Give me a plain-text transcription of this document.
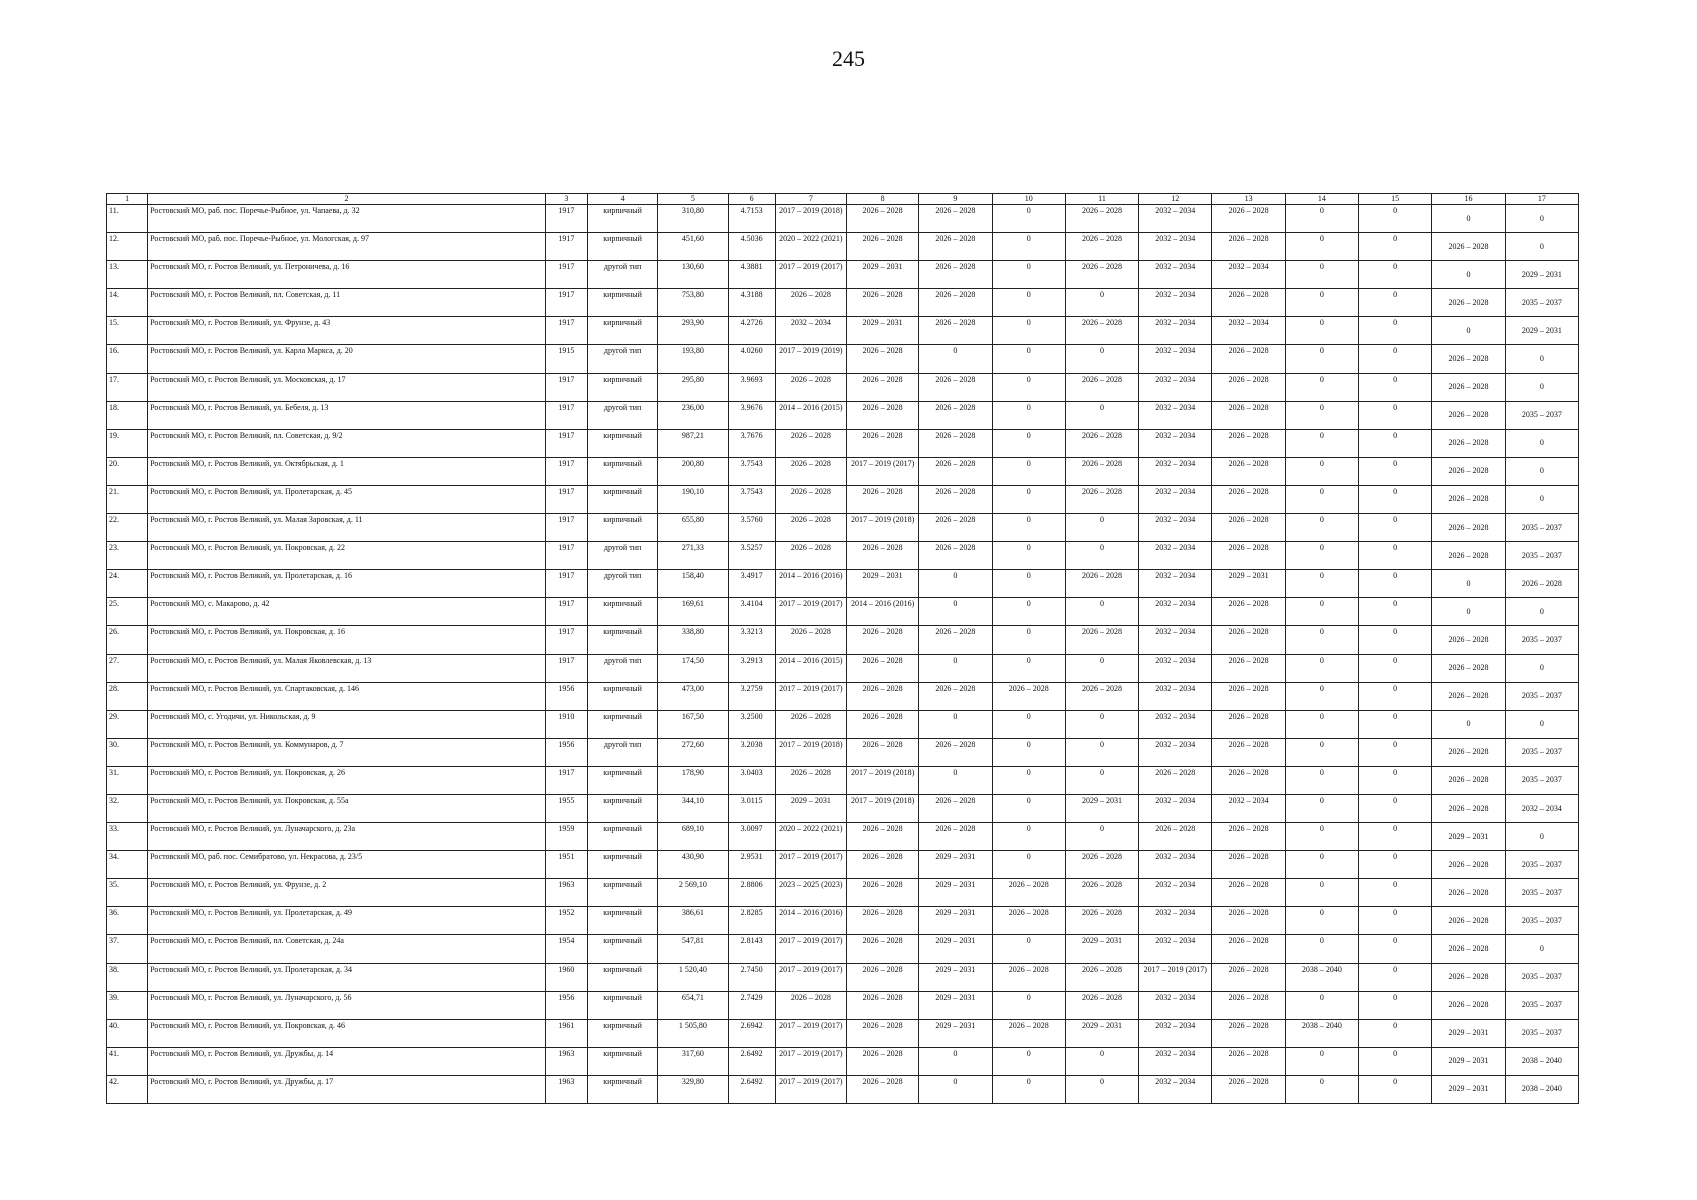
245
1	2	3	4	5	6	7	8	9	10	11	12	13	14	15	16	17
11.	Ростовский МО, раб. пос. Поречье-Рыбное, ул. Чапаева, д. 32	1917	кирпичный	310,80	4.7153	2017 – 2019 (2018)	2026 – 2028	2026 – 2028	0	2026 – 2028	2032 – 2034	2026 – 2028	0	0	0	0
12.	Ростовский МО, раб. пос. Поречье-Рыбное, ул. Мологская, д. 97	1917	кирпичный	451,60	4.5036	2020 – 2022 (2021)	2026 – 2028	2026 – 2028	0	2026 – 2028	2032 – 2034	2026 – 2028	0	0	2026 – 2028	0
13.	Ростовский МО, г. Ростов Великий, ул. Петроничева, д. 16	1917	другой тип	130,60	4.3881	2017 – 2019 (2017)	2029 – 2031	2026 – 2028	0	2026 – 2028	2032 – 2034	2032 – 2034	0	0	0	2029 – 2031
14.	Ростовский МО, г. Ростов Великий, пл. Советская, д. 11	1917	кирпичный	753,80	4.3188	2026 – 2028	2026 – 2028	2026 – 2028	0	0	2032 – 2034	2026 – 2028	0	0	2026 – 2028	2035 – 2037
15.	Ростовский МО, г. Ростов Великий, ул. Фрунзе, д. 43	1917	кирпичный	293,90	4.2726	2032 – 2034	2029 – 2031	2026 – 2028	0	2026 – 2028	2032 – 2034	2032 – 2034	0	0	0	2029 – 2031
16.	Ростовский МО, г. Ростов Великий, ул. Карла Маркса, д. 20	1915	другой тип	193,80	4.0260	2017 – 2019 (2019)	2026 – 2028	0	0	0	2032 – 2034	2026 – 2028	0	0	2026 – 2028	0
17.	Ростовский МО, г. Ростов Великий, ул. Московская, д. 17	1917	кирпичный	295,80	3.9693	2026 – 2028	2026 – 2028	2026 – 2028	0	2026 – 2028	2032 – 2034	2026 – 2028	0	0	2026 – 2028	0
18.	Ростовский МО, г. Ростов Великий, ул. Бебеля, д. 13	1917	другой тип	236,00	3.9676	2014 – 2016 (2015)	2026 – 2028	2026 – 2028	0	0	2032 – 2034	2026 – 2028	0	0	2026 – 2028	2035 – 2037
19.	Ростовский МО, г. Ростов Великий, пл. Советская, д. 9/2	1917	кирпичный	987,21	3.7676	2026 – 2028	2026 – 2028	2026 – 2028	0	2026 – 2028	2032 – 2034	2026 – 2028	0	0	2026 – 2028	0
20.	Ростовский МО, г. Ростов Великий, ул. Октябрьская, д. 1	1917	кирпичный	200,80	3.7543	2026 – 2028	2017 – 2019 (2017)	2026 – 2028	0	2026 – 2028	2032 – 2034	2026 – 2028	0	0	2026 – 2028	0
21.	Ростовский МО, г. Ростов Великий, ул. Пролетарская, д. 45	1917	кирпичный	190,10	3.7543	2026 – 2028	2026 – 2028	2026 – 2028	0	2026 – 2028	2032 – 2034	2026 – 2028	0	0	2026 – 2028	0
22.	Ростовский МО, г. Ростов Великий, ул. Малая Заровская, д. 11	1917	кирпичный	655,80	3.5760	2026 – 2028	2017 – 2019 (2018)	2026 – 2028	0	0	2032 – 2034	2026 – 2028	0	0	2026 – 2028	2035 – 2037
23.	Ростовский МО, г. Ростов Великий, ул. Покровская, д. 22	1917	другой тип	271,33	3.5257	2026 – 2028	2026 – 2028	2026 – 2028	0	0	2032 – 2034	2026 – 2028	0	0	2026 – 2028	2035 – 2037
24.	Ростовский МО, г. Ростов Великий, ул. Пролетарская, д. 16	1917	другой тип	158,40	3.4917	2014 – 2016 (2016)	2029 – 2031	0	0	2026 – 2028	2032 – 2034	2029 – 2031	0	0	0	2026 – 2028
25.	Ростовский МО, с. Макарово, д. 42	1917	кирпичный	169,61	3.4104	2017 – 2019 (2017)	2014 – 2016 (2016)	0	0	0	2032 – 2034	2026 – 2028	0	0	0	0
26.	Ростовский МО, г. Ростов Великий, ул. Покровская, д. 16	1917	кирпичный	338,80	3.3213	2026 – 2028	2026 – 2028	2026 – 2028	0	2026 – 2028	2032 – 2034	2026 – 2028	0	0	2026 – 2028	2035 – 2037
27.	Ростовский МО, г. Ростов Великий, ул. Малая Яковлевская, д. 13	1917	другой тип	174,50	3.2913	2014 – 2016 (2015)	2026 – 2028	0	0	0	2032 – 2034	2026 – 2028	0	0	2026 – 2028	0
28.	Ростовский МО, г. Ростов Великий, ул. Спартаковская, д. 146	1956	кирпичный	473,00	3.2759	2017 – 2019 (2017)	2026 – 2028	2026 – 2028	2026 – 2028	2026 – 2028	2032 – 2034	2026 – 2028	0	0	2026 – 2028	2035 – 2037
29.	Ростовский МО, с. Угодичи, ул. Никольская, д. 9	1910	кирпичный	167,50	3.2500	2026 – 2028	2026 – 2028	0	0	0	2032 – 2034	2026 – 2028	0	0	0	0
30.	Ростовский МО, г. Ростов Великий, ул. Коммунаров, д. 7	1956	другой тип	272,60	3.2038	2017 – 2019 (2018)	2026 – 2028	2026 – 2028	0	0	2032 – 2034	2026 – 2028	0	0	2026 – 2028	2035 – 2037
31.	Ростовский МО, г. Ростов Великий, ул. Покровская, д. 26	1917	кирпичный	178,90	3.0403	2026 – 2028	2017 – 2019 (2018)	0	0	0	2026 – 2028	2026 – 2028	0	0	2026 – 2028	2035 – 2037
32.	Ростовский МО, г. Ростов Великий, ул. Покровская, д. 55а	1955	кирпичный	344,10	3.0115	2029 – 2031	2017 – 2019 (2018)	2026 – 2028	0	2029 – 2031	2032 – 2034	2032 – 2034	0	0	2026 – 2028	2032 – 2034
33.	Ростовский МО, г. Ростов Великий, ул. Луначарского, д. 23а	1959	кирпичный	689,10	3.0097	2020 – 2022 (2021)	2026 – 2028	2026 – 2028	0	0	2026 – 2028	2026 – 2028	0	0	2029 – 2031	0
34.	Ростовский МО, раб. пос. Семибратово, ул. Некрасова, д. 23/5	1951	кирпичный	430,90	2.9531	2017 – 2019 (2017)	2026 – 2028	2029 – 2031	0	2026 – 2028	2032 – 2034	2026 – 2028	0	0	2026 – 2028	2035 – 2037
35.	Ростовский МО, г. Ростов Великий, ул. Фрунзе, д. 2	1963	кирпичный	2 569,10	2.8806	2023 – 2025 (2023)	2026 – 2028	2029 – 2031	2026 – 2028	2026 – 2028	2032 – 2034	2026 – 2028	0	0	2026 – 2028	2035 – 2037
36.	Ростовский МО, г. Ростов Великий, ул. Пролетарская, д. 49	1952	кирпичный	386,61	2.8285	2014 – 2016 (2016)	2026 – 2028	2029 – 2031	2026 – 2028	2026 – 2028	2032 – 2034	2026 – 2028	0	0	2026 – 2028	2035 – 2037
37.	Ростовский МО, г. Ростов Великий, пл. Советская, д. 24а	1954	кирпичный	547,81	2.8143	2017 – 2019 (2017)	2026 – 2028	2029 – 2031	0	2029 – 2031	2032 – 2034	2026 – 2028	0	0	2026 – 2028	0
38.	Ростовский МО, г. Ростов Великий, ул. Пролетарская, д. 34	1960	кирпичный	1 520,40	2.7450	2017 – 2019 (2017)	2026 – 2028	2029 – 2031	2026 – 2028	2026 – 2028	2017 – 2019 (2017)	2026 – 2028	2038 – 2040	0	2026 – 2028	2035 – 2037
39.	Ростовский МО, г. Ростов Великий, ул. Луначарского, д. 56	1956	кирпичный	654,71	2.7429	2026 – 2028	2026 – 2028	2029 – 2031	0	2026 – 2028	2032 – 2034	2026 – 2028	0	0	2026 – 2028	2035 – 2037
40.	Ростовский МО, г. Ростов Великий, ул. Покровская, д. 46	1961	кирпичный	1 505,80	2.6942	2017 – 2019 (2017)	2026 – 2028	2029 – 2031	2026 – 2028	2029 – 2031	2032 – 2034	2026 – 2028	2038 – 2040	0	2029 – 2031	2035 – 2037
41.	Ростовский МО, г. Ростов Великий, ул. Дружбы, д. 14	1963	кирпичный	317,60	2.6492	2017 – 2019 (2017)	2026 – 2028	0	0	0	2032 – 2034	2026 – 2028	0	0	2029 – 2031	2038 – 2040
42.	Ростовский МО, г. Ростов Великий, ул. Дружбы, д. 17	1963	кирпичный	329,80	2.6492	2017 – 2019 (2017)	2026 – 2028	0	0	0	2032 – 2034	2026 – 2028	0	0	2029 – 2031	2038 – 2040
